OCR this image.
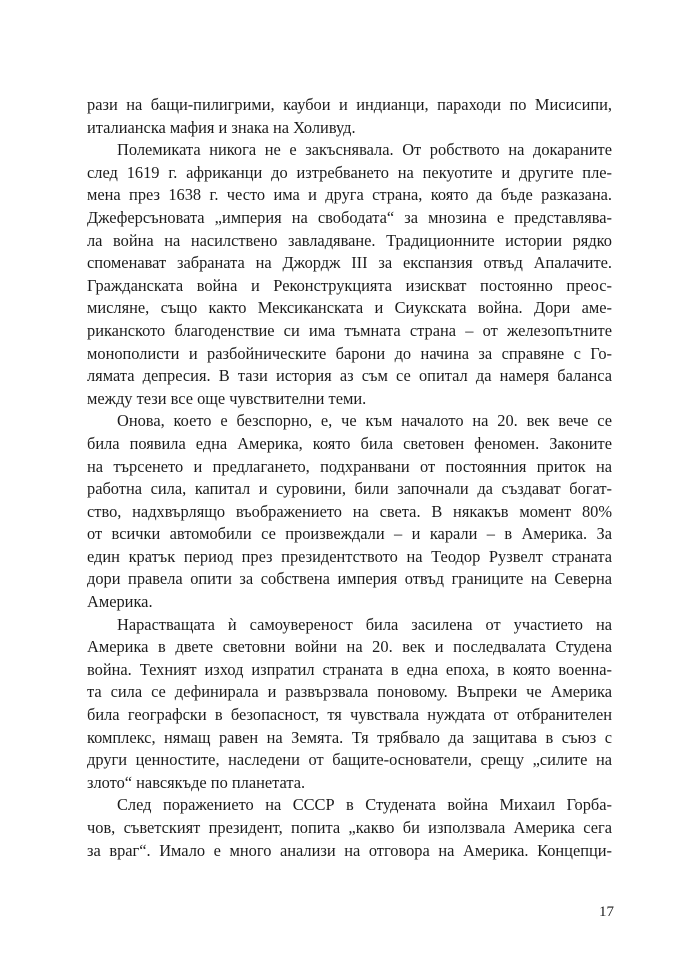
рази на бащи-пилигрими, каубои и индианци, параходи по Мисисипи,
италианска мафия и знака на Холивуд.
Полемиката никога не е закъснявала. От робството на докараните
след 1619 г. африканци до изтребването на пекуотите и другите пле-
мена през 1638 г. често има и друга страна, която да бъде разказана.
Джеферсъновата „империя на свободата“ за мнозина е представлява-
ла война на насилствено завладяване. Традиционните истории рядко
споменават забраната на Джордж III за експанзия отвъд Апалачите.
Гражданската война и Реконструкцията изискват постоянно преос-
мисляне, също както Мексиканската и Сиукската война. Дори аме-
риканското благоденствие си има тъмната страна – от железопътните
монополисти и разбойническите барони до начина за справяне с Го-
лямата депресия. В тази история аз съм се опитал да намеря баланса
между тези все още чувствителни теми.
Онова, което е безспорно, е, че към началото на 20. век вече се
била появила една Америка, която била световен феномен. Законите
на търсенето и предлагането, подхранвани от постоянния приток на
работна сила, капитал и суровини, били започнали да създават богат-
ство, надхвърлящо въображението на света. В някакъв момент 80%
от всички автомобили се произвеждали – и карали – в Америка. За
един кратък период през президентството на Теодор Рузвелт страната
дори правела опити за собствена империя отвъд границите на Северна
Америка.
Нарастващата ѝ самоувереност била засилена от участието на
Америка в двете световни войни на 20. век и последвалата Студена
война. Техният изход изпратил страната в една епоха, в която военна-
та сила се дефинирала и развързвала поновому. Въпреки че Америка
била географски в безопасност, тя чувствала нуждата от отбранителен
комплекс, нямащ равен на Земята. Тя трябвало да защитава в съюз с
други ценностите, наследени от бащите-основатели, срещу „силите на
злото“ навсякъде по планетата.
След поражението на СССР в Студената война Михаил Горба-
чов, съветският президент, попита „какво би използвала Америка сега
за враг“. Имало е много анализи на отговора на Америка. Концепци-
17
